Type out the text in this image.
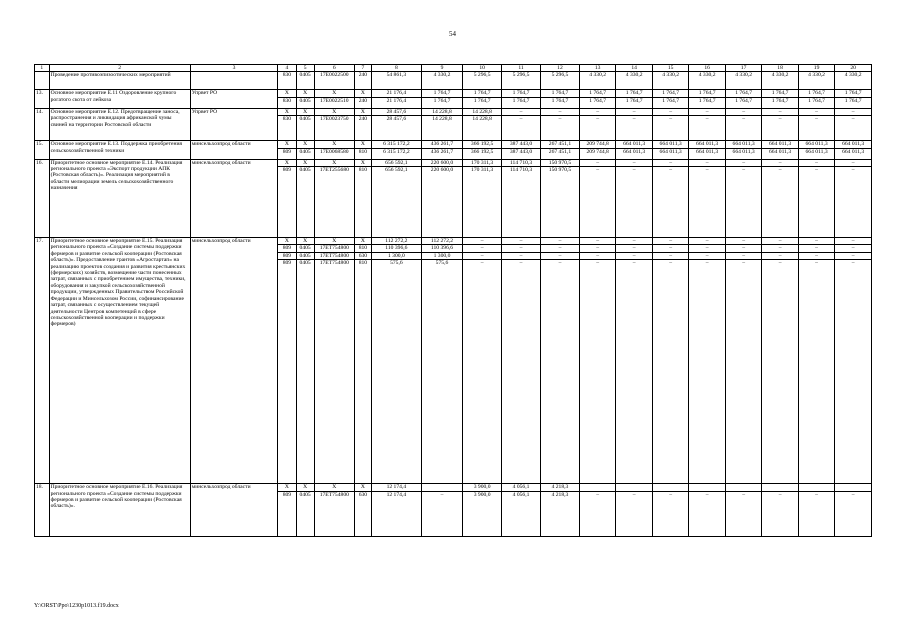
54
1	2	3	4	5	6	7	8	9	10	11	12	13	14	15	16	17	18	19	20
	Проведение противоэпизоотических мероприятий		830	0405	17Е0022500	240	54 861,3	4 330,2	5 296,5	5 296,5	5 296,5	4 330,2	4 330,2	4 330,2	4 330,2	4 330,2	4 330,2	4 330,2	4 330,2
13.	Основное мероприятие Е.11 Оздоровление крупного рогатого скота от лейкоза	Упрвет РО	Х	Х	Х	Х	21 176,4	1 764,7	1 764,7	1 764,7	1 764,7	1 764,7	1 764,7	1 764,7	1 764,7	1 764,7	1 764,7	1 764,7	1 764,7
			830	0405	17Е0022510	240	21 176,4	1 764,7	1 764,7	1 764,7	1 764,7	1 764,7	1 764,7	1 764,7	1 764,7	1 764,7	1 764,7	1 764,7	1 764,7
14.	Основное мероприятие Е.12. Предотвращение заноса, распространения и ликвидация африканской чумы свиней на территории Ростовской области	Упрвет РО	Х	Х	Х	Х	28 457,6	14 228,8	14 228,8	–	–	–	–	–	–	–	–	–	–
			830	0405	17Е0023750	240	28 457,6	14 228,8	14 228,8	–	–	–	–	–	–	–	–	–	–
15.	Основное мероприятие Е.13. Поддержка приобретения сельскохозяйственной техники	минсельхозпрод области	Х	Х	Х	Х	6 315 172,2	436 261,7	366 192,5	387 443,0	267 451,1	209 744,8	664 011,3	664 011,3	664 011,3	664 011,3	664 011,3	664 011,3	664 011,3
			809	0405	17Е0068580	810	6 315 172,2	436 261,7	366 192,5	387 443,0	267 451,1	209 744,8	664 011,3	664 011,3	664 011,3	664 011,3	664 011,3	664 011,3	664 011,3
16.	Приоритетное основное мероприятие Е.14. Реализация регионального проекта «Экспорт продукции АПК (Ростовская область)». Реализация мероприятий в области мелиорации земель сельскохозяйственного назначения	минсельхозпрод области	Х	Х	Х	Х	656 592,1	220 600,0	170 311,3	114 710,3	150 970,5	–	–	–	–	–	–	–	–
			809	0405	17ЕТ255680	810	656 592,1	220 600,0	170 311,3	114 710,3	150 970,5	–	–	–	–	–	–	–	–
17.	Приоритетное основное мероприятие Е.15. Реализация регионального проекта «Создание системы поддержки фермеров и развитие сельской кооперации (Ростовская область)». Предоставление грантов «Агростартап» на реализацию проектов создания и развития крестьянских (фермерских) хозяйств, возмещение части понесенных затрат, связанных с приобретением имущества, техники, оборудования и закупкой сельскохозяйственной продукции, утвержденных Правительством Российской Федерации и Минсельхозом России, софинансирование затрат, связанных с осуществлением текущей деятельности Центров компетенций в сфере сельскохозяйственной кооперации и поддержки фермеров)	минсельхозпрод области	Х	Х	Х	Х	112 272,2	112 272,2	–	–	–	–	–	–	–	–	–	–	–
			809	0405	17ЕТ754800	810	110 396,6	110 396,6	–	–	–	–	–	–	–	–	–	–	–
			809	0405	17ЕТ754800	630	1 300,0	1 300,0	–	–	–	–	–	–	–	–	–	–	–
			809	0405	17ЕТ754800	810	575,6	575,6	–	–	–	–	–	–	–	–	–	–	–
18.	Приоритетное основное мероприятие Е.16. Реализация регионального проекта «Создание системы поддержки фермеров и развитие сельской кооперации (Ростовская область)».	минсельхозпрод области	Х	Х	Х	Х	12 174,4		3 900,0	4 056,1	4 218,3								
			809	0405	17ЕТ754800	630	12 174,4	–	3 900,0	4 056,1	4 218,3	–	–	–	–	–	–	–	–
Y:\ORST\Ppo\1230p1013.f19.docx
